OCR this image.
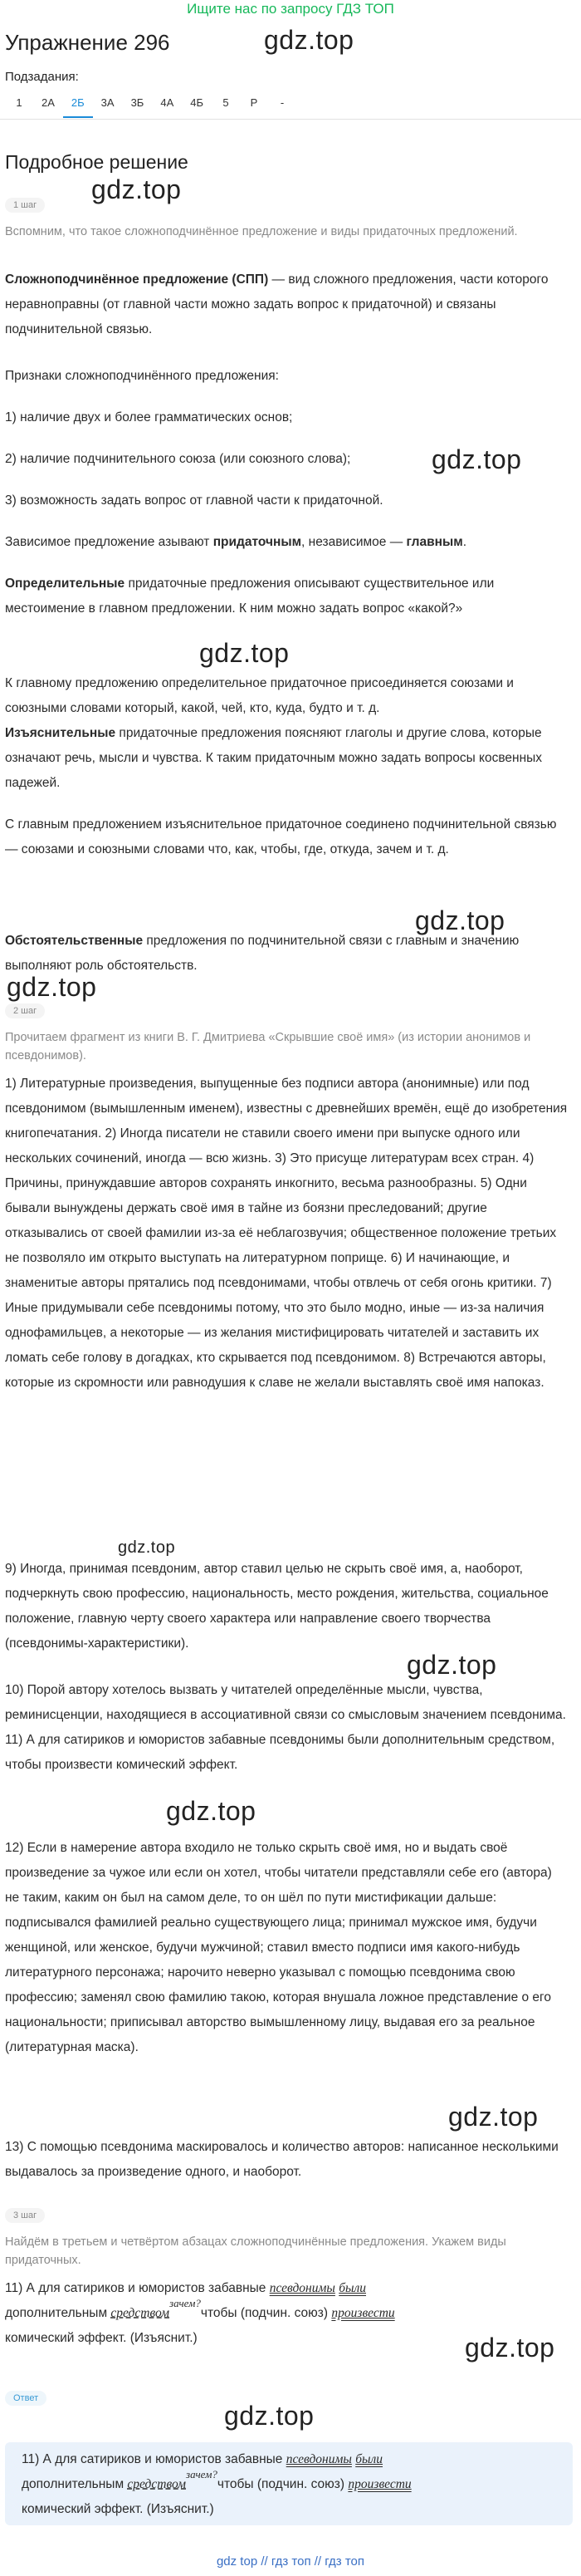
Ищите нас по запросу ГДЗ ТОП
Упражнение 296	gdz.top
Подзадания:
1	2А	2Б	3А	3Б	4А	4Б	5	Р	-
Подробное решение
gdz.top
1 шаг
Вспомним, что такое сложноподчинённое предложение и виды придаточных предложений.
Сложноподчинённое предложение (СПП) — вид сложного предложения, части которого неравноправны (от главной части можно задать вопрос к придаточной) и связаны подчинительной связью.
Признаки сложноподчинённого предложения:
1) наличие двух и более грамматических основ;
2) наличие подчинительного союза (или союзного слова);	gdz.top
3) возможность задать вопрос от главной части к придаточной.
Зависимое предложение азывают придаточным, независимое — главным.
Определительные придаточные предложения описывают существительное или местоимение в главном предложении. К ним можно задать вопрос «какой?»
gdz.top
К главному предложению определительное придаточное присоединяется союзами и союзными словами который, какой, чей, кто, куда, будто и т. д.
Изъяснительные придаточные предложения поясняют глаголы и другие слова, которые означают речь, мысли и чувства. К таким придаточным можно задать вопросы косвенных падежей.
С главным предложением изъяснительное придаточное соединено подчинительной связью — союзами и союзными словами что, как, чтобы, где, откуда, зачем и т. д.
gdz.top
Обстоятельственные предложения по подчинительной связи с главным и значению выполняют роль обстоятельств.
gdz.top
2 шаг
Прочитаем фрагмент из книги В. Г. Дмитриева «Скрывшие своё имя» (из истории анонимов и псевдонимов).
1) Литературные произведения, выпущенные без подписи автора (анонимные) или под псевдонимом (вымышленным именем), известны с древнейших времён, ещё до изобретения книгопечатания. 2) Иногда писатели не ставили своего имени при выпуске одного или нескольких сочинений, иногда — всю жизнь. 3) Это присуще литературам всех стран. 4) Причины, принуждавшие авторов сохранять инкогнито, весьма разнообразны. 5) Одни бывали вынуждены держать своё имя в тайне из боязни преследований; другие отказывались от своей фамилии из-за её неблагозвучия; общественное положение третьих не позволяло им открыто выступать на литературном поприще. 6) И начинающие, и знаменитые авторы прятались под псевдонимами, чтобы отвлечь от себя огонь критики. 7) Иные придумывали себе псевдонимы потому, что это было модно, иные — из-за наличия однофамильцев, а некоторые — из желания мистифицировать читателей и заставить их ломать себе голову в догадках, кто скрывается под псевдонимом. 8) Встречаются авторы, которые из скромности или равнодушия к славе не желали выставлять своё имя напоказ.
gdz.top
9) Иногда, принимая псевдоним, автор ставил целью не скрыть своё имя, а, наоборот, подчеркнуть свою профессию, национальность, место рождения, жительства, социальное положение, главную черту своего характера или направление своего творчества (псевдонимы-характеристики).
gdz.top
10) Порой автору хотелось вызвать у читателей определённые мысли, чувства, реминисценции, находящиеся в ассоциативной связи со смысловым значением псевдонима. 11) А для сатириков и юмористов забавные псевдонимы были дополнительным средством, чтобы произвести комический эффект.
gdz.top
12) Если в намерение автора входило не только скрыть своё имя, но и выдать своё произведение за чужое или если он хотел, чтобы читатели представляли себе его (автора) не таким, каким он был на самом деле, то он шёл по пути мистификации дальше: подписывался фамилией реально существующего лица; принимал мужское имя, будучи женщиной, или женское, будучи мужчиной; ставил вместо подписи имя какого-нибудь литературного персонажа; нарочито неверно указывал с помощью псевдонима свою профессию; заменял свою фамилию такою, которая внушала ложное представление о его национальности; приписывал авторство вымышленному лицу, выдавая его за реальное (литературная маска).
gdz.top
13) С помощью псевдонима маскировалось и количество авторов: написанное несколькими выдавалось за произведение одного, и наоборот.
3 шаг
Найдём в третьем и четвёртом абзацах сложноподчинённые предложения. Укажем виды придаточных.
11) А для сатириков и юмористов забавные псевдонимы были
дополнительным средством$^{зачем?}$чтобы (подчин. союз) произвести
комический эффект. (Изъяснит.)	gdz.top
Ответ
gdz.top
11) А для сатириков и юмористов забавные псевдонимы были
дополнительным средством$^{зачем?}$чтобы (подчин. союз) произвести
комический эффект. (Изъяснит.)
gdz top // гдз топ // гдз топ
